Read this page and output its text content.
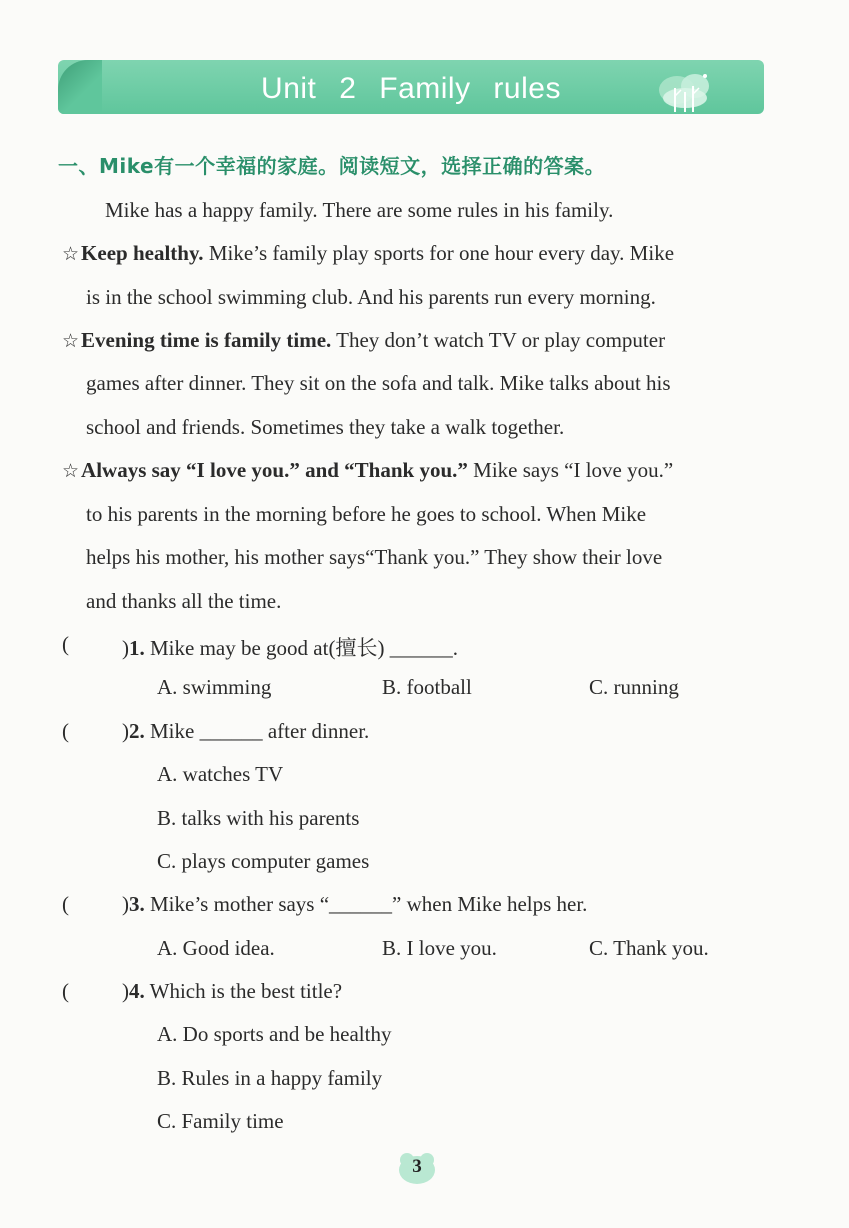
Unit 2 Family rules
一、Mike有一个幸福的家庭。阅读短文，选择正确的答案。
Mike has a happy family. There are some rules in his family.
☆Keep healthy. Mike’s family play sports for one hour every day. Mike
is in the school swimming club. And his parents run every morning.
☆Evening time is family time. They don’t watch TV or play computer
games after dinner. They sit on the sofa and talk. Mike talks about his
school and friends. Sometimes they take a walk together.
☆Always say “I love you.” and “Thank you.” Mike says “I love you.”
to his parents in the morning before he goes to school. When Mike
helps his mother, his mother says“Thank you.” They show their love
and thanks all the time.
(	)1. Mike may be good at(擅长) ______.
A. swimming	B. football	C. running
(	)2. Mike ______ after dinner.
A. watches TV
B. talks with his parents
C. plays computer games
(	)3. Mike’s mother says “______” when Mike helps her.
A. Good idea.	B. I love you.	C. Thank you.
(	)4. Which is the best title?
A. Do sports and be healthy
B. Rules in a happy family
C. Family time
3
